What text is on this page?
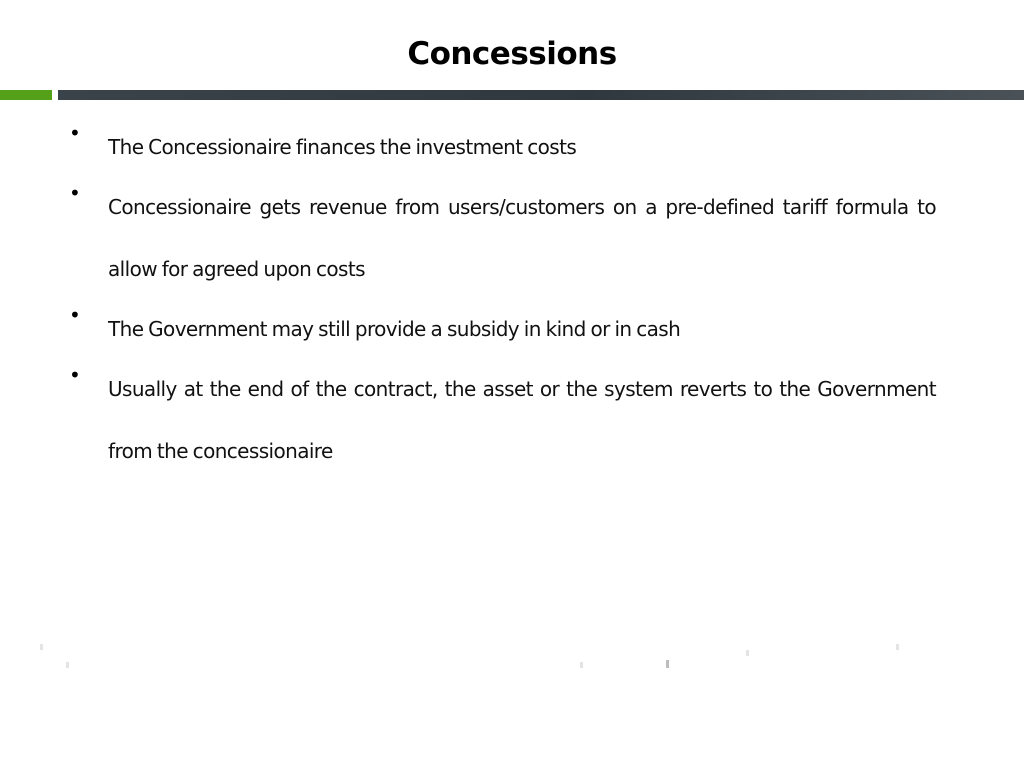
Concessions
•
The Concessionaire finances the investment costs
•
Concessionaire gets revenue from users/customers on a pre-defined tariff formula to allow for agreed upon costs
•
The Government may still provide a subsidy in kind or in cash
•
Usually at the end of the contract, the asset or the system reverts to the Government from the concessionaire
